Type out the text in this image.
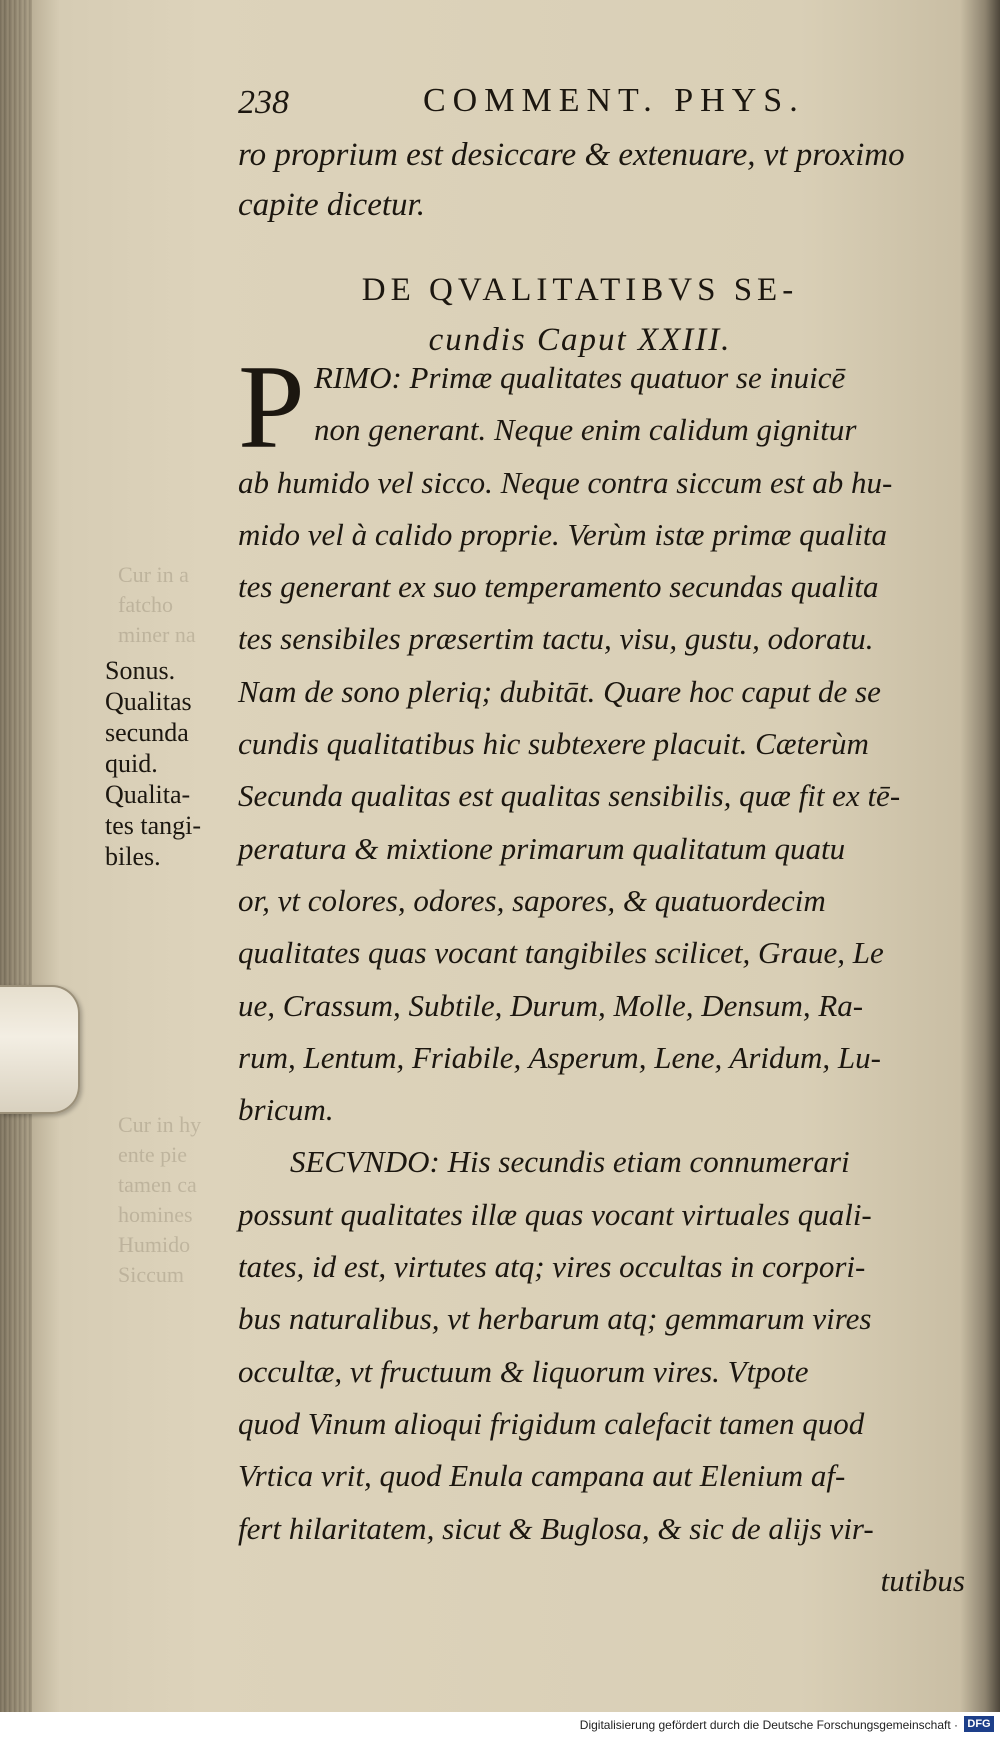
Cur in a
fatcho
miner na
Cur in hy
ente pie
tamen ca
homines
Humido
Siccum
238	COMMENT. PHYS.
ro proprium est desiccare & extenuare, vt proximo
capite dicetur.
DE QVALITATIBVS SE-
cundis Caput XXIII.
P RIMO: Primæ qualitates quatuor se inuicē
non generant. Neque enim calidum gignitur
ab humido vel sicco. Neque contra siccum est ab hu-
mido vel à calido proprie. Verùm istæ primæ qualita
tes generant ex suo temperamento secundas qualita
tes sensibiles præsertim tactu, visu, gustu, odoratu.
Nam de sono pleriq; dubitāt. Quare hoc caput de se
cundis qualitatibus hic subtexere placuit. Cæterùm
Secunda qualitas est qualitas sensibilis, quæ fit ex tē-
peratura & mixtione primarum qualitatum quatu
or, vt colores, odores, sapores, & quatuordecim
qualitates quas vocant tangibiles scilicet, Graue, Le
ue, Crassum, Subtile, Durum, Molle, Densum, Ra-
rum, Lentum, Friabile, Asperum, Lene, Aridum, Lu-
bricum.
SECVNDO: His secundis etiam connumerari
possunt qualitates illæ quas vocant virtuales quali-
tates, id est, virtutes atq; vires occultas in corpori-
bus naturalibus, vt herbarum atq; gemmarum vires
occultæ, vt fructuum & liquorum vires. Vtpote
quod Vinum alioqui frigidum calefacit tamen quod
Vrtica vrit, quod Enula campana aut Elenium af-
fert hilaritatem, sicut & Buglosa, & sic de alijs vir-
tutibus
Sonus.
Qualitas
secunda
quid.
Qualita-
tes tangi-
biles.
Digitalisierung gefördert durch die Deutsche Forschungsgemeinschaft · DFG
